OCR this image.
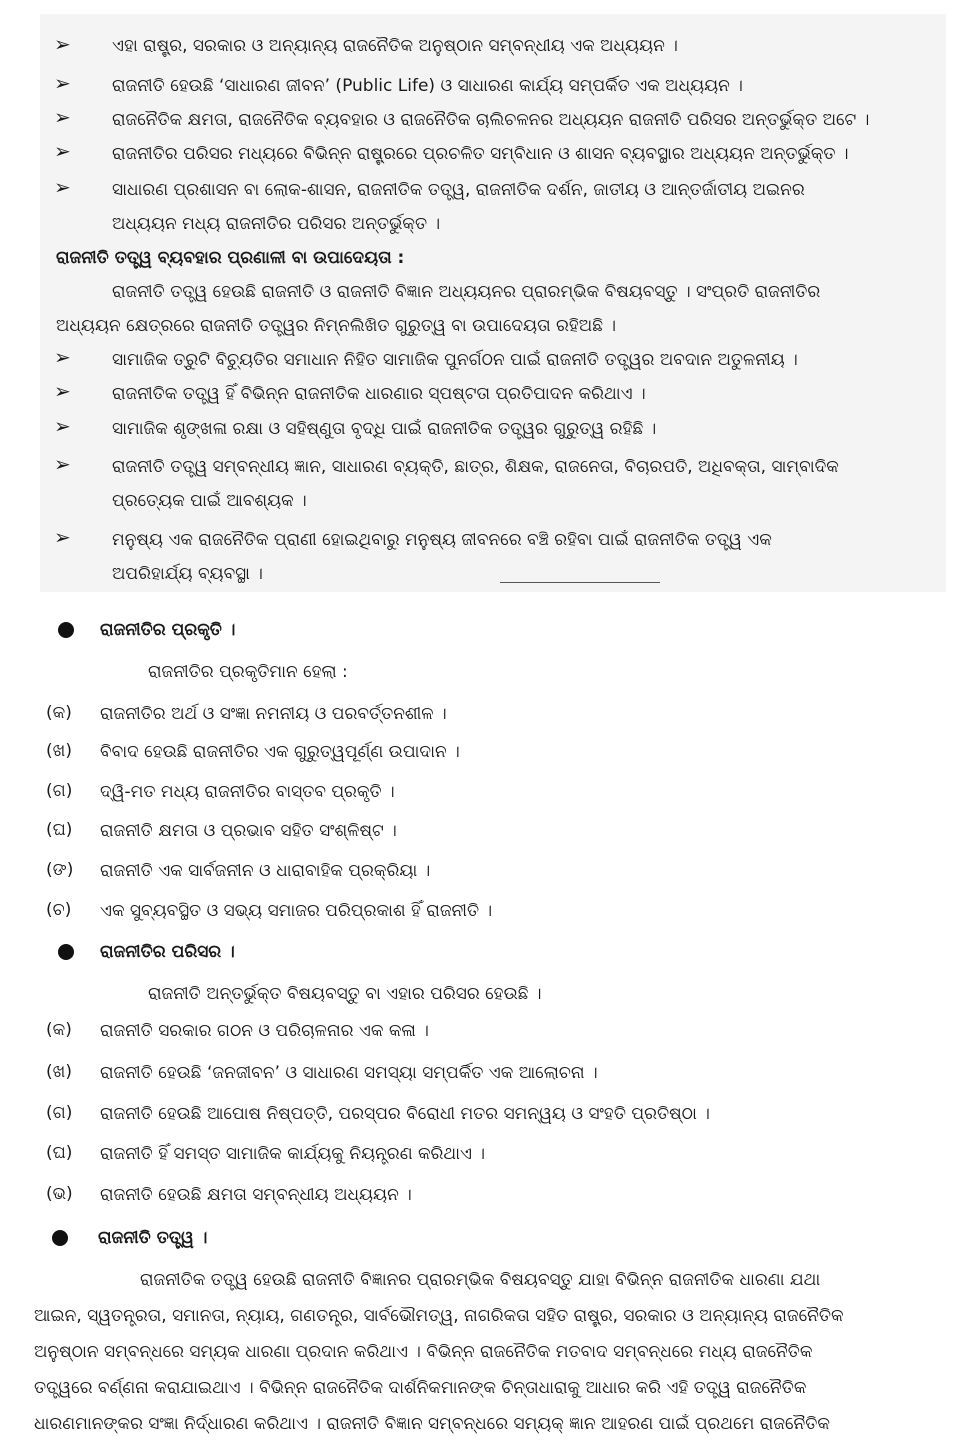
➢ ଏହା ରାଷ୍ଟ୍ର, ସରକାର ଓ ଅନ୍ୟାନ୍ୟ ରାଜନୈତିକ ଅନୁଷ୍ଠାନ ସମ୍ବନ୍ଧୀୟ ଏକ ଅଧ୍ୟୟନ ।
➢ ରାଜନୀତି ହେଉଛି ‘ସାଧାରଣ ଜୀବନ’ (Public Life) ଓ ସାଧାରଣ କାର୍ଯ୍ୟ ସମ୍ପର୍କିତ ଏକ ଅଧ୍ୟୟନ ।
➢ ରାଜନୈତିକ କ୍ଷମତା, ରାଜନୈତିକ ବ୍ୟବହାର ଓ ରାଜନୈତିକ ଚାଲିଚଳନର ଅଧ୍ୟୟନ ରାଜନୀତି ପରିସର ଅନ୍ତର୍ଭୁକ୍ତ ଅଟେ ।
➢ ରାଜନୀତିର ପରିସର ମଧ୍ୟରେ ବିଭିନ୍ନ ରାଷ୍ଟ୍ରରେ ପ୍ରଚଳିତ ସମ୍ବିଧାନ ଓ ଶାସନ ବ୍ୟବସ୍ଥାର ଅଧ୍ୟୟନ ଅନ୍ତର୍ଭୁକ୍ତ ।
➢ ସାଧାରଣ ପ୍ରଶାସନ ବା ଲୋକ-ଶାସନ, ରାଜନୀତିକ ତତ୍ତ୍ୱ, ରାଜନୀତିକ ଦର୍ଶନ, ଜାତୀୟ ଓ ଆନ୍ତର୍ଜାତୀୟ ଅଇନର
ଅଧ୍ୟୟନ ମଧ୍ୟ ରାଜନୀତିର ପରିସର ଅନ୍ତର୍ଭୁକ୍ତ ।
ରାଜନୀତି ତତ୍ତ୍ୱ ବ୍ୟବହାର ପ୍ରଣାଳୀ ବା ଉପାଦେୟତା :
ରାଜନୀତି ତତ୍ତ୍ୱ ହେଉଛି ରାଜନୀତି ଓ ରାଜନୀତି ବିଜ୍ଞାନ ଅଧ୍ୟୟନର ପ୍ରାରମ୍ଭିକ ବିଷୟବସ୍ତୁ । ସଂପ୍ରତି ରାଜନୀତିର
ଅଧ୍ୟୟନ କ୍ଷେତ୍ରରେ ରାଜନୀତି ତତ୍ତ୍ୱର ନିମ୍ନଲିଖିତ ଗୁରୁତ୍ୱ ବା ଉପାଦେୟତା ରହିଅଛି ।
➢ ସାମାଜିକ ତ୍ରୁଟି ବିଚ୍ୟୁତିର ସମାଧାନ ନିହିତ ସାମାଜିକ ପୁନର୍ଗଠନ ପାଇଁ ରାଜନୀତି ତତ୍ତ୍ୱର ଅବଦାନ ଅତୁଳନୀୟ ।
➢ ରାଜନୀତିକ ତତ୍ତ୍ୱ ହିଁ ବିଭିନ୍ନ ରାଜନୀତିକ ଧାରଣାର ସ୍ପଷ୍ଟତା ପ୍ରତିପାଦନ କରିଥାଏ ।
➢ ସାମାଜିକ ଶୃଙ୍ଖଳା ରକ୍ଷା ଓ ସହିଷ୍ଣୁତା ବୃଦ୍ଧି ପାଇଁ ରାଜନୀତିକ ତତ୍ତ୍ୱର ଗୁରୁତ୍ୱ ରହିଛି ।
➢ ରାଜନୀତି ତତ୍ତ୍ୱ ସମ୍ବନ୍ଧୀୟ ଜ୍ଞାନ, ସାଧାରଣ ବ୍ୟକ୍ତି, ଛାତ୍ର, ଶିକ୍ଷକ, ରାଜନେତା, ବିଚାରପତି, ଅଧିବକ୍ତା, ସାମ୍ବାଦିକ
ପ୍ରତ୍ୟେକ ପାଇଁ ଆବଶ୍ୟକ ।
➢ ମନୁଷ୍ୟ ଏକ ରାଜନୈତିକ ପ୍ରାଣୀ ହୋଇଥିବାରୁ ମନୁଷ୍ୟ ଜୀବନରେ ବଞ୍ଚି ରହିବା ପାଇଁ ରାଜନୀତିକ ତତ୍ତ୍ୱ ଏକ
ଅପରିହାର୍ଯ୍ୟ ବ୍ୟବସ୍ଥା ।
ରାଜନୀତିର ପ୍ରକୃତି ।
ରାଜନୀତିର ପ୍ରକୃତିମାନ ହେଲା :
(କ) ରାଜନୀତିର ଅର୍ଥ ଓ ସଂଜ୍ଞା ନମନୀୟ ଓ ପରବର୍ତ୍ତନଶୀଳ ।
(ଖ) ବିବାଦ ହେଉଛି ରାଜନୀତିର ଏକ ଗୁରୁତ୍ୱପୂର୍ଣ୍ଣ ଉପାଦାନ ।
(ଗ) ଦ୍ୱି-ମତ ମଧ୍ୟ ରାଜନୀତିର ବାସ୍ତବ ପ୍ରକୃତି ।
(ଘ) ରାଜନୀତି କ୍ଷମତା ଓ ପ୍ରଭାବ ସହିତ ସଂଶ୍ଳିଷ୍ଟ ।
(ଙ) ରାଜନୀତି ଏକ ସାର୍ବଜନୀନ ଓ ଧାରାବାହିକ ପ୍ରକ୍ରିୟା ।
(ଚ) ଏକ ସୁବ୍ୟବସ୍ଥିତ ଓ ସଭ୍ୟ ସମାଜର ପରିପ୍ରକାଶ ହିଁ ରାଜନୀତି ।
ରାଜନୀତିର ପରିସର ।
ରାଜନୀତି ଅନ୍ତର୍ଭୁକ୍ତ ବିଷୟବସ୍ତୁ ବା ଏହାର ପରିସର ହେଉଛି ।
(କ) ରାଜନୀତି ସରକାର ଗଠନ ଓ ପରିଚାଳନାର ଏକ କଳା ।
(ଖ) ରାଜନୀତି ହେଉଛି ‘ଜନଜୀବନ’ ଓ ସାଧାରଣ ସମସ୍ୟା ସମ୍ପର୍କିତ ଏକ ଆଲୋଚନା ।
(ଗ) ରାଜନୀତି ହେଉଛି ଆପୋଷ ନିଷ୍ପତ୍ତି, ପରସ୍ପର ବିରୋଧୀ ମତର ସମନ୍ୱୟ ଓ ସଂହତି ପ୍ରତିଷ୍ଠା ।
(ଘ) ରାଜନୀତି ହିଁ ସମସ୍ତ ସାମାଜିକ କାର୍ଯ୍ୟକୁ ନିୟନ୍ତ୍ରଣ କରିଥାଏ ।
(ଭ) ରାଜନୀତି ହେଉଛି କ୍ଷମତା ସମ୍ବନ୍ଧୀୟ ଅଧ୍ୟୟନ ।
ରାଜନୀତି ତତ୍ତ୍ୱ ।
ରାଜନୀତିକ ତତ୍ତ୍ୱ ହେଉଛି ରାଜନୀତି ବିଜ୍ଞାନର ପ୍ରାରମ୍ଭିକ ବିଷୟବସ୍ତୁ ଯାହା ବିଭିନ୍ନ ରାଜନୀତିକ ଧାରଣା ଯଥା
ଆଇନ, ସ୍ୱତନ୍ତ୍ରତା, ସମାନତା, ନ୍ୟାୟ, ଗଣତନ୍ତ୍ର, ସାର୍ବଭୌମତ୍ୱ, ନାଗରିକତା ସହିତ ରାଷ୍ଟ୍ର, ସରକାର ଓ ଅନ୍ୟାନ୍ୟ ରାଜନୈତିକ
ଅନୁଷ୍ଠାନ ସମ୍ବନ୍ଧରେ ସମ୍ୟକ ଧାରଣା ପ୍ରଦାନ କରିଥାଏ । ବିଭିନ୍ନ ରାଜନୈତିକ ମତବାଦ ସମ୍ବନ୍ଧରେ ମଧ୍ୟ ରାଜନୈତିକ
ତତ୍ତ୍ୱରେ ବର୍ଣ୍ଣନା କରାଯାଇଥାଏ । ବିଭିନ୍ନ ରାଜନୈତିକ ଦାର୍ଶନିକମାନଙ୍କ ଚିନ୍ତାଧାରାକୁ ଆଧାର କରି ଏହି ତତ୍ତ୍ୱ ରାଜନୈତିକ
ଧାରଣମାନଙ୍କର ସଂଜ୍ଞା ନିର୍ଦ୍ଧାରଣ କରିଥାଏ । ରାଜନୀତି ବିଜ୍ଞାନ ସମ୍ବନ୍ଧରେ ସମ୍ୟକ୍ ଜ୍ଞାନ ଆହରଣ ପାଇଁ ପ୍ରଥମେ ରାଜନୈତିକ
